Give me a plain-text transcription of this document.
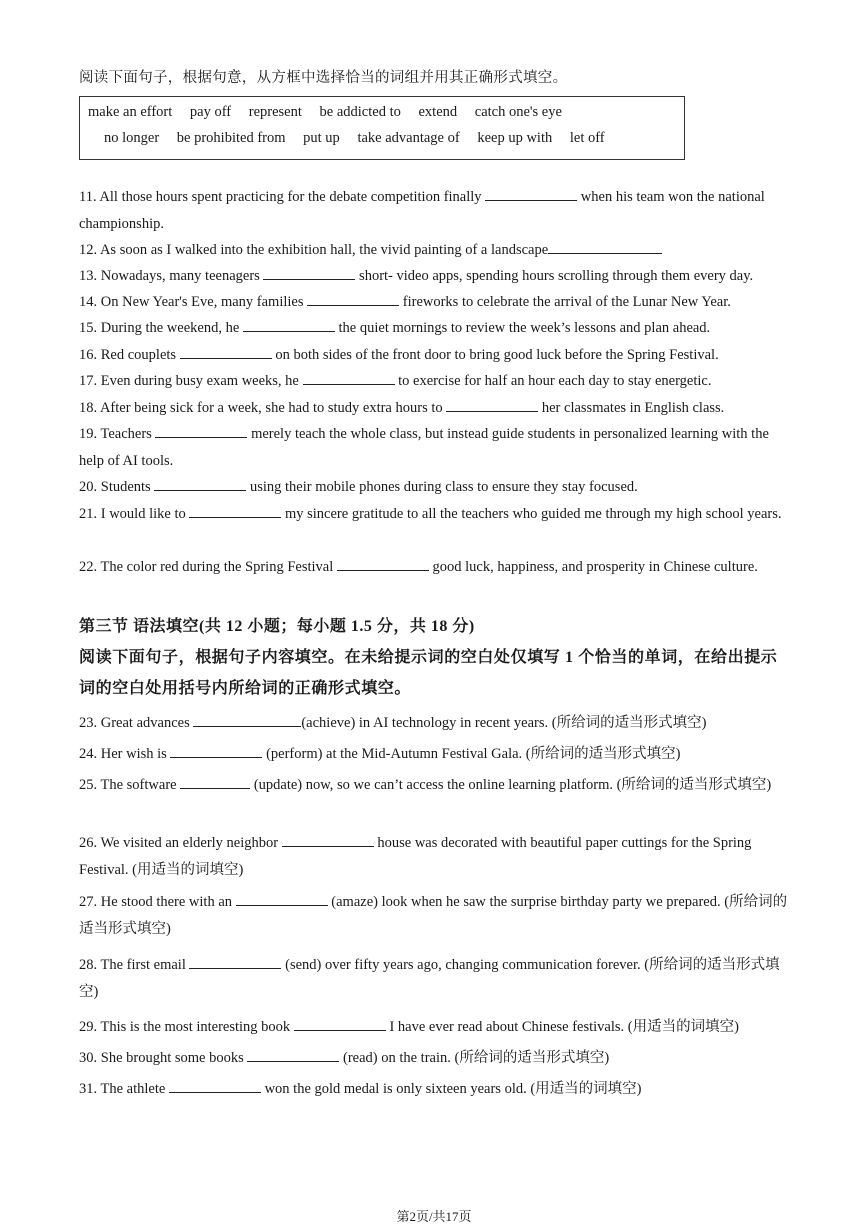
阅读下面句子，根据句意，从方框中选择恰当的词组并用其正确形式填空。
make an effort pay off represent be addicted to extend catch one's eye
no longer be prohibited from put up take advantage of keep up with let off
11. All those hours spent practicing for the debate competition finally	when his team won the national championship.
12. As soon as I walked into the exhibition hall, the vivid painting of a landscape
13. Nowadays, many teenagers	short- video apps, spending hours scrolling through them every day.
14. On New Year's Eve, many families	fireworks to celebrate the arrival of the Lunar New Year.
15. During the weekend, he	the quiet mornings to review the week’s lessons and plan ahead.
16. Red couplets	on both sides of the front door to bring good luck before the Spring Festival.
17. Even during busy exam weeks, he	to exercise for half an hour each day to stay energetic.
18. After being sick for a week, she had to study extra hours to	her classmates in English class.
19. Teachers	merely teach the whole class, but instead guide students in personalized learning with the help of AI tools.
20. Students	using their mobile phones during class to ensure they stay focused.
21. I would like to	my sincere gratitude to all the teachers who guided me through my high school years.
22. The color red during the Spring Festival	good luck, happiness, and prosperity in Chinese culture.
第三节 语法填空(共 12 小题；每小题 1.5 分，共 18 分)
阅读下面句子，根据句子内容填空。在未给提示词的空白处仅填写 1 个恰当的单词，在给出提示词的空白处用括号内所给词的正确形式填空。
23. Great advances	(achieve) in AI technology in recent years. (所给词的适当形式填空)
24. Her wish is	(perform) at the Mid-Autumn Festival Gala. (所给词的适当形式填空)
25. The software	(update) now, so we can’t access the online learning platform. (所给词的适当形式填空)
26. We visited an elderly neighbor	house was decorated with beautiful paper cuttings for the Spring Festival. (用适当的词填空)
27. He stood there with an	(amaze) look when he saw the surprise birthday party we prepared. (所给词的适当形式填空)
28. The first email	(send) over fifty years ago, changing communication forever. (所给词的适当形式填空)
29. This is the most interesting book	I have ever read about Chinese festivals. (用适当的词填空)
30. She brought some books	(read) on the train. (所给词的适当形式填空)
31. The athlete	won the gold medal is only sixteen years old. (用适当的词填空)
第2页/共17页
